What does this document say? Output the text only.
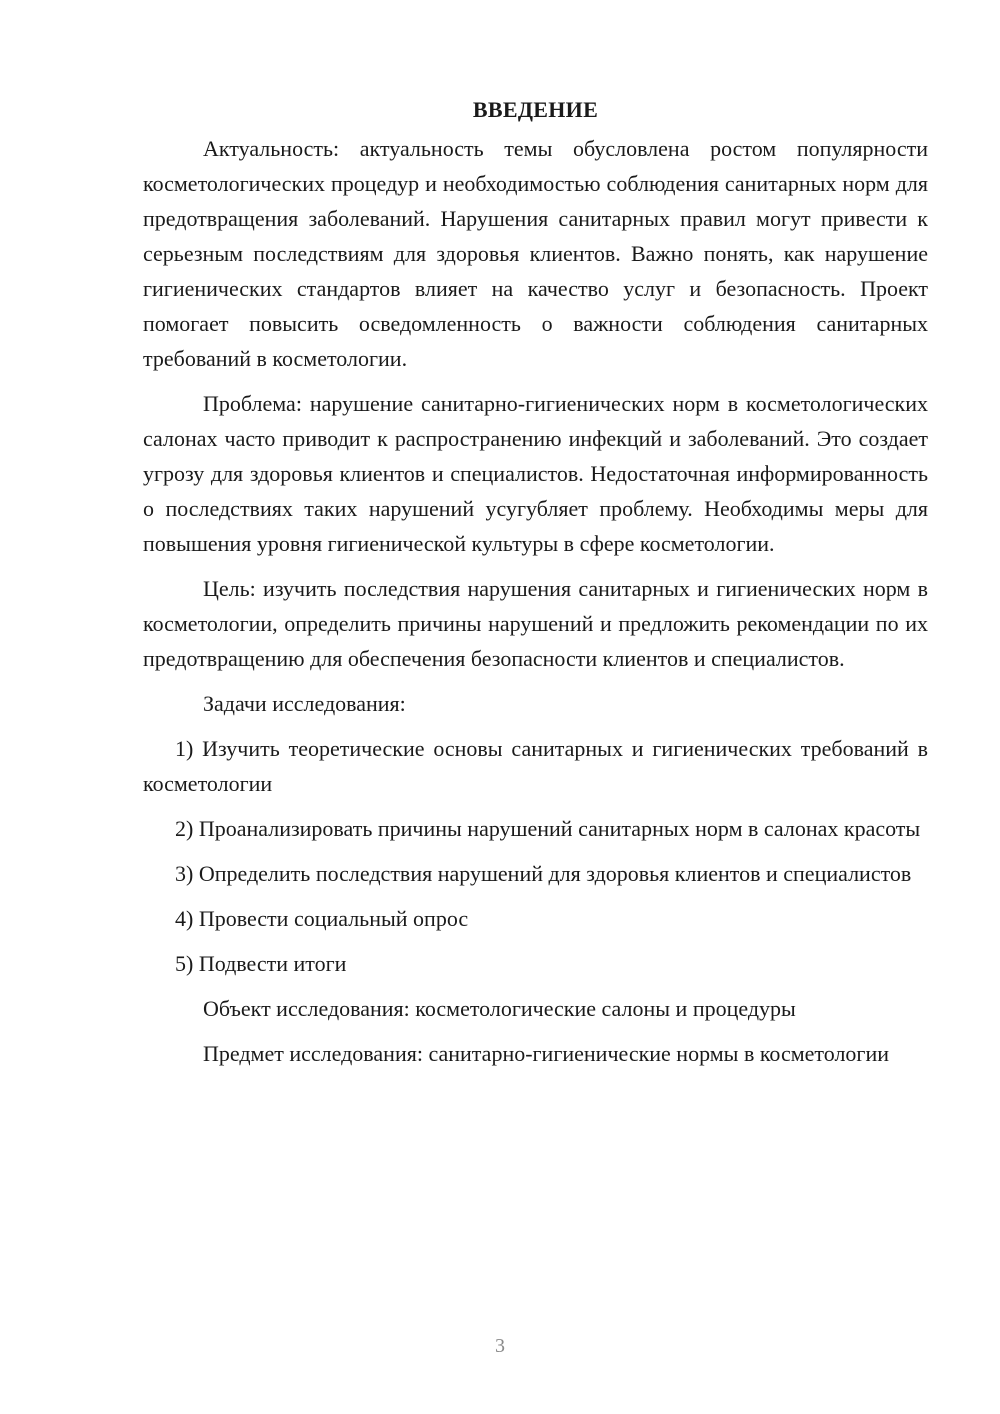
ВВЕДЕНИЕ

Актуальность: актуальность темы обусловлена ростом популярности косметологических процедур и необходимостью соблюдения санитарных норм для предотвращения заболеваний. Нарушения санитарных правил могут привести к серьезным последствиям для здоровья клиентов. Важно понять, как нарушение гигиенических стандартов влияет на качество услуг и безопасность. Проект помогает повысить осведомленность о важности соблюдения санитарных требований в косметологии.

Проблема: нарушение санитарно-гигиенических норм в косметологических салонах часто приводит к распространению инфекций и заболеваний. Это создает угрозу для здоровья клиентов и специалистов. Недостаточная информированность о последствиях таких нарушений усугубляет проблему. Необходимы меры для повышения уровня гигиенической культуры в сфере косметологии.

Цель: изучить последствия нарушения санитарных и гигиенических норм в косметологии, определить причины нарушений и предложить рекомендации по их предотвращению для обеспечения безопасности клиентов и специалистов.

Задачи исследования:

1) Изучить теоретические основы санитарных и гигиенических требований в косметологии

2) Проанализировать причины нарушений санитарных норм в салонах красоты

3) Определить последствия нарушений для здоровья клиентов и специалистов

4) Провести социальный опрос

5) Подвести итоги

Объект исследования: косметологические салоны и процедуры

Предмет исследования: санитарно-гигиенические нормы в косметологии

3
